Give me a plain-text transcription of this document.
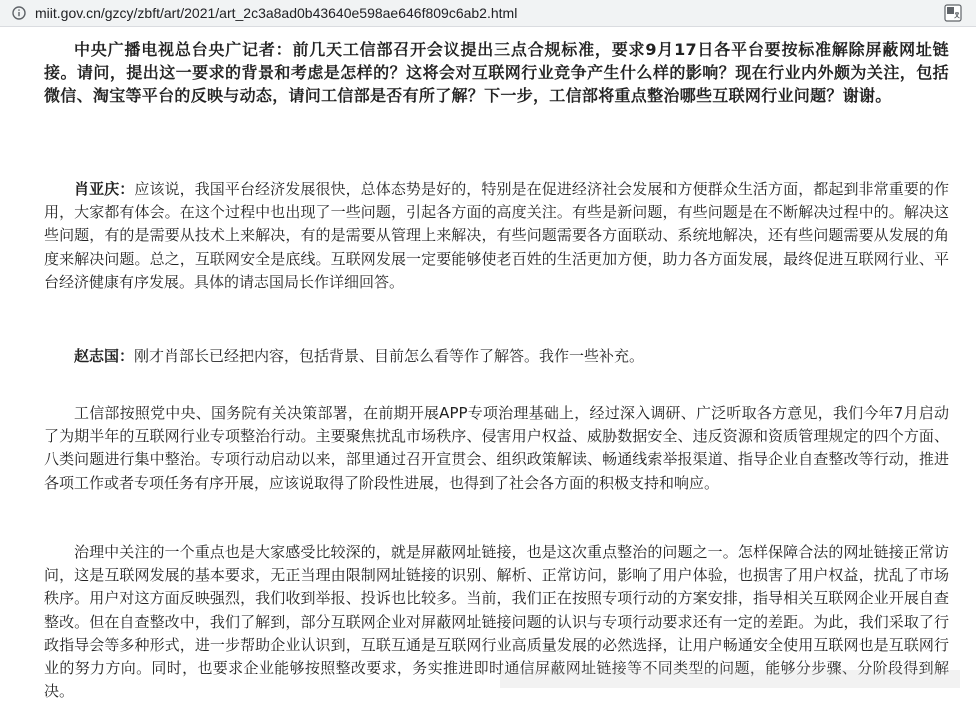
miit.gov.cn/gzcy/zbft/art/2021/art_2c3a8ad0b43640e598ae646f809c6ab2.html

中央广播电视总台央广记者：前几天工信部召开会议提出三点合规标准，要求9月17日各平台要按标准解除屏蔽网址链接。请问，提出这一要求的背景和考虑是怎样的？这将会对互联网行业竞争产生什么样的影响？现在行业内外颇为关注，包括微信、淘宝等平台的反映与动态，请问工信部是否有所了解？下一步，工信部将重点整治哪些互联网行业问题？谢谢。

肖亚庆：应该说，我国平台经济发展很快，总体态势是好的，特别是在促进经济社会发展和方便群众生活方面，都起到非常重要的作用，大家都有体会。在这个过程中也出现了一些问题，引起各方面的高度关注。有些是新问题，有些问题是在不断解决过程中的。解决这些问题，有的是需要从技术上来解决，有的是需要从管理上来解决，有些问题需要各方面联动、系统地解决，还有些问题需要从发展的角度来解决问题。总之，互联网安全是底线。互联网发展一定要能够使老百姓的生活更加方便，助力各方面发展，最终促进互联网行业、平台经济健康有序发展。具体的请志国局长作详细回答。

赵志国：刚才肖部长已经把内容，包括背景、目前怎么看等作了解答。我作一些补充。

工信部按照党中央、国务院有关决策部署，在前期开展APP专项治理基础上，经过深入调研、广泛听取各方意见，我们今年7月启动了为期半年的互联网行业专项整治行动。主要聚焦扰乱市场秩序、侵害用户权益、威胁数据安全、违反资源和资质管理规定的四个方面、八类问题进行集中整治。专项行动启动以来，部里通过召开宣贯会、组织政策解读、畅通线索举报渠道、指导企业自查整改等行动，推进各项工作或者专项任务有序开展，应该说取得了阶段性进展，也得到了社会各方面的积极支持和响应。

治理中关注的一个重点也是大家感受比较深的，就是屏蔽网址链接，也是这次重点整治的问题之一。怎样保障合法的网址链接正常访问，这是互联网发展的基本要求，无正当理由限制网址链接的识别、解析、正常访问，影响了用户体验，也损害了用户权益，扰乱了市场秩序。用户对这方面反映强烈，我们收到举报、投诉也比较多。当前，我们正在按照专项行动的方案安排，指导相关互联网企业开展自查整改。但在自查整改中，我们了解到，部分互联网企业对屏蔽网址链接问题的认识与专项行动要求还有一定的差距。为此，我们采取了行政指导会等多种形式，进一步帮助企业认识到，互联互通是互联网行业高质量发展的必然选择，让用户畅通安全使用互联网也是互联网行业的努力方向。同时，也要求企业能够按照整改要求，务实推进即时通信屏蔽网址链接等不同类型的问题，能够分步骤、分阶段得到解决。
